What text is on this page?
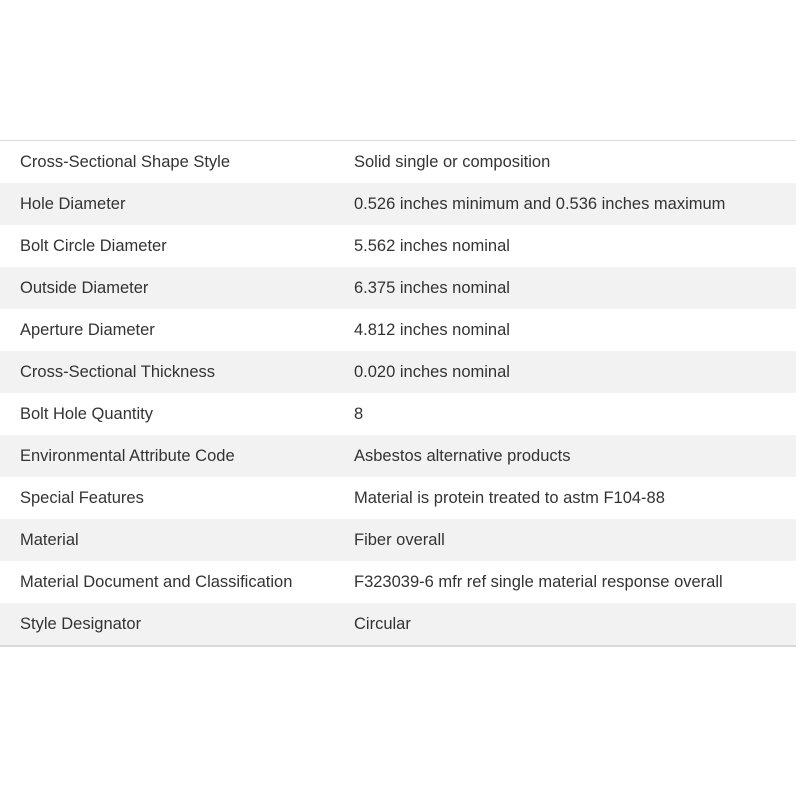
Cross-Sectional Shape Style	Solid single or composition
Hole Diameter	0.526 inches minimum and 0.536 inches maximum
Bolt Circle Diameter	5.562 inches nominal
Outside Diameter	6.375 inches nominal
Aperture Diameter	4.812 inches nominal
Cross-Sectional Thickness	0.020 inches nominal
Bolt Hole Quantity	8
Environmental Attribute Code	Asbestos alternative products
Special Features	Material is protein treated to astm F104-88
Material	Fiber overall
Material Document and Classification	F323039-6 mfr ref single material response overall
Style Designator	Circular
